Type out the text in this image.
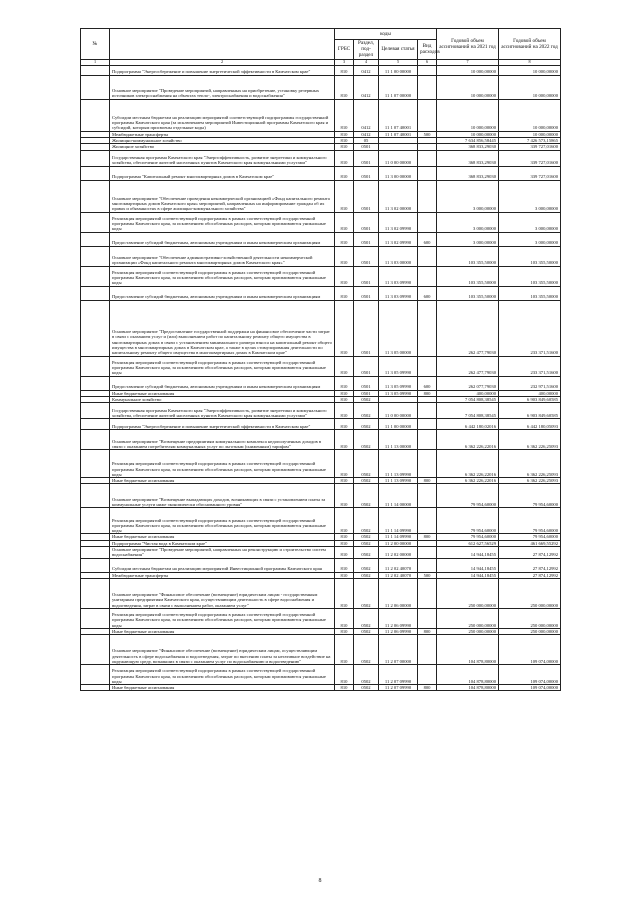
№		коды				Годовой объем ассигнований на 2021 год	Годовой объем ассигнований на 2022 год
		ГРБС	Раздел, под-раздел	Целевая статья	Вид расходов		
1	2	3	4	5	6	7	8
	Подпрограмма "Энергосбережение и повышение энергетической эффективности в Камчатском крае"	810	0412	11 1 00 00000		10 000,00000	10 000,00000
	Основное мероприятие "Проведение мероприятий, направленных на приобретение, установку резервных источников электроснабжения на объектах тепло-, электроснабжения и водоснабжения"	810	0412	11 1 07 00000		10 000,00000	10 000,00000
	Субсидии местным бюджетам на реализацию мероприятий соответствующей подпрограммы государственной программы Камчатского края (за исключением мероприятий Инвестиционной программы Камчатского края и субсидий, которым присвоены отдельные коды)	810	0412	11 1 07 40001		10 000,00000	10 000,00000
	Межбюджетные трансферты	810	0412	11 1 07 40001	500	10 000,00000	10 000,00000
	Жилищно-коммунальное хозяйство	810	05			7 634 856,58445	7 426 573,15865
	Жилищное хозяйство	810	0501			368 833,29030	339 727,01600
	Государственная программа Камчатского края "Энергоэффективность, развитие энергетики и коммунального хозяйства, обеспечение жителей населенных пунктов Камчатского края коммунальными услугами"	810	0501	11 0 00 00000		368 833,29030	339 727,01600
	Подпрограмма "Капитальный ремонт многоквартирных домов в Камчатском крае"	810	0501	11 3 00 00000		368 833,29030	339 727,01600
	Основное мероприятие "Обеспечение проведения некоммерческой организацией «Фонд капитального ремонта многоквартирных домов Камчатского края» мероприятий, направленных на информирование граждан об их правах и обязанностях в сфере жилищно-коммунального хозяйства"	810	0501	11 3 02 00000		3 000,00000	3 000,00000
	Реализация мероприятий соответствующей подпрограммы в рамках соответствующей государственной программы Камчатского края, за исключением обособленных расходов, которым присваиваются уникальные коды	810	0501	11 3 02 09990		3 000,00000	3 000,00000
	Предоставление субсидий бюджетным, автономным учреждениям и иным некоммерческим организациям	810	0501	11 3 02 09990	600	3 000,00000	3 000,00000
	Основное мероприятие "Обеспечение административно-хозяйственной деятельности некоммерческой организации «Фонд капитального ремонта многоквартирных домов Камчатского края»"	810	0501	11 3 03 00000		103 355,50000	103 355,50000
	Реализация мероприятий соответствующей подпрограммы в рамках соответствующей государственной программы Камчатского края, за исключением обособленных расходов, которым присваиваются уникальные коды	810	0501	11 3 03 09990		103 355,50000	103 355,50000
	Предоставление субсидий бюджетным, автономным учреждениям и иным некоммерческим организациям	810	0501	11 3 03 09990	600	103 355,50000	103 355,50000
	Основное мероприятие "Предоставление государственной поддержки на финансовое обеспечение части затрат в связи с оказанием услуг и (или) выполнением работ по капитальному ремонту общего имущества в многоквартирных домах в связи с установлением минимального размера взноса на капитальный ремонт общего имущества в многоквартирных домах в Камчатском крае, а также в целях стимулирования деятельности по капитальному ремонту общего имущества в многоквартирных домах в Камчатском крае"	810	0501	11 3 05 00000		262 477,79030	233 371,51600
	Реализация мероприятий соответствующей подпрограммы в рамках соответствующей государственной программы Камчатского края, за исключением обособленных расходов, которым присваиваются уникальные коды	810	0501	11 3 05 09990		262 477,79030	233 371,51600
	Предоставление субсидий бюджетным, автономным учреждениям и иным некоммерческим организациям	810	0501	11 3 05 09990	600	262 077,79030	232 971,51600
	Иные бюджетные ассигнования	810	0501	11 3 05 09990	800	400,00000	400,00000
	Коммунальное хозяйство	810	0502			7 054 808,38545	6 903 849,60585
	Государственная программа Камчатского края "Энергоэффективность, развитие энергетики и коммунального хозяйства, обеспечение жителей населенных пунктов Камчатского края коммунальными услугами"	810	0502	11 0 00 00000		7 054 808,38545	6 903 849,60585
	Подпрограмма "Энергосбережение и повышение энергетической эффективности в Камчатском крае"	810	0502	11 1 00 00000		6 442 180,02016	6 442 180,05093
	Основное мероприятие "Возмещение предприятиям коммунального комплекса недополученных доходов в связи с оказанием потребителям коммунальных услуг по льготным (сниженным) тарифам"	810	0502	11 1 13 00000		6 362 226,22016	6 362 226,25093
	Реализация мероприятий соответствующей подпрограммы в рамках соответствующей государственной программы Камчатского края, за исключением обособленных расходов, которым присваиваются уникальные коды	810	0502	11 1 13 09990		6 362 226,22016	6 362 226,25093
	Иные бюджетные ассигнования	810	0502	11 1 13 09990	800	6 362 226,22016	6 362 226,25093
	Основное мероприятие "Возмещение выпадающих доходов, возникающих в связи с установлением платы за коммунальные услуги ниже экономически обоснованного уровня"	810	0502	11 1 14 00000		79 954,60000	79 954,60000
	Реализация мероприятий соответствующей подпрограммы в рамках соответствующей государственной программы Камчатского края, за исключением обособленных расходов, которым присваиваются уникальные коды	810	0502	11 1 14 09990		79 954,60000	79 954,60000
	Иные бюджетные ассигнования	810	0502	11 1 14 09990	800	79 954,60000	79 954,60000
	Подпрограмма "Чистая вода в Камчатском крае"	810	0502	11 2 00 00000		612 627,56529	461 669,55292
	Основное мероприятие "Проведение мероприятий, направленных на реконструкцию и строительство систем водоснабжения"	810	0502	11 2 02 00000		14 944,18455	27 874,12992
	Субсидии местным бюджетам на реализацию мероприятий Инвестиционной программы Камчатского края	810	0502	11 2 02 40070		14 944,18455	27 874,12992
	Межбюджетные трансферты	810	0502	11 2 02 40070	500	14 944,18455	27 874,12992
	Основное мероприятие "Финансовое обеспечение (возмещение) юридическим лицам - государственным унитарным предприятиям Камчатского края, осуществляющим деятельность в сфере водоснабжения и водоотведения, затрат в связи с выполнением работ, оказанием услуг"	810	0502	11 2 06 00000		250 000,00000	250 000,00000
	Реализация мероприятий соответствующей подпрограммы в рамках соответствующей государственной программы Камчатского края, за исключением обособленных расходов, которым присваиваются уникальные коды	810	0502	11 2 06 09990		250 000,00000	250 000,00000
	Иные бюджетные ассигнования	810	0502	11 2 06 09990	800	250 000,00000	250 000,00000
	Основное мероприятие "Финансовое обеспечение (возмещение) юридическим лицам, осуществляющим деятельность в сфере водоснабжения и водоотведения, затрат по внесению платы за негативное воздействие на окружающую среду, возникших в связи с оказанием услуг по водоснабжению и водоотведению"	810	0502	11 2 07 00000		104 878,80000	109 074,00000
	Реализация мероприятий соответствующей подпрограммы в рамках соответствующей государственной программы Камчатского края, за исключением обособленных расходов, которым присваиваются уникальные коды	810	0502	11 2 07 09990		104 878,80000	109 074,00000
	Иные бюджетные ассигнования	810	0502	11 2 07 09990	800	104 878,80000	109 074,00000
8
